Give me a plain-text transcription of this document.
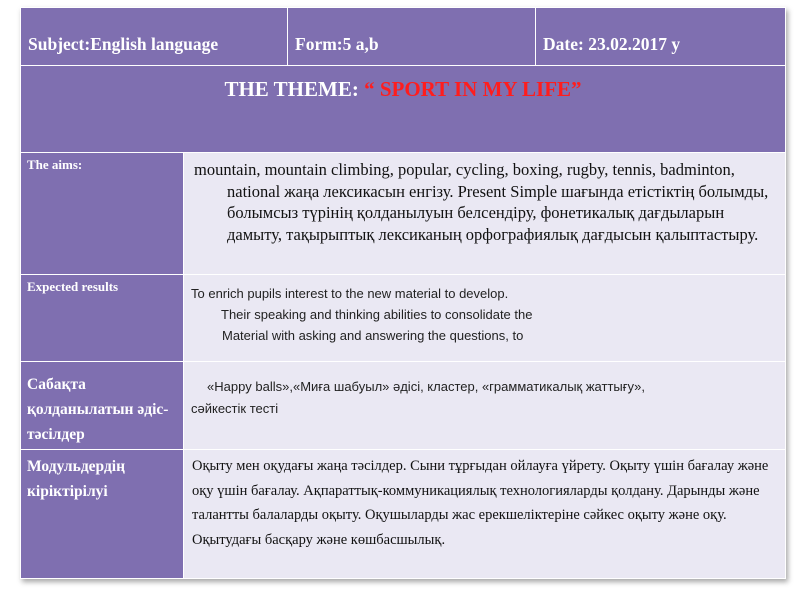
Subject:English language		Form:5 a,b	Date: 23.02.2017 y

THE THEME: “ SPORT IN MY LIFE”			

The aims:	mountain, mountain climbing, popular, cycling, boxing, rugby, tennis, badminton, national жаңа лексикасын енгізу. Present Simple шағында етістіктің болымды, болымсыз түрінің қолданылуын белсендіру, фонетикалық дағдыларын дамыту, тақырыптық лексиканың орфографиялық дағдысын қалыптастыру.		

Expected results	To enrich pupils interest to the new material to develop.
Their speaking and thinking abilities to consolidate the
Material with asking and answering the questions, to		

Сабақта қолданылатын әдіс-тәсілдер	«Happy balls»,«Миға шабуыл» әдісі, кластер, «грамматикалық жаттығу»,
сәйкестік тесті		

Модульдердің кіріктірілуі	Оқыту мен оқудағы жаңа тәсілдер. Сыни тұрғыдан ойлауға үйрету. Оқыту үшін бағалау және оқу үшін бағалау. Ақпараттық-коммуникациялық технологияларды қолдану. Дарынды және талантты балаларды оқыту. Оқушыларды жас ерекшеліктеріне сәйкес оқыту және оқу. Оқытудағы басқару және көшбасшылық.		
